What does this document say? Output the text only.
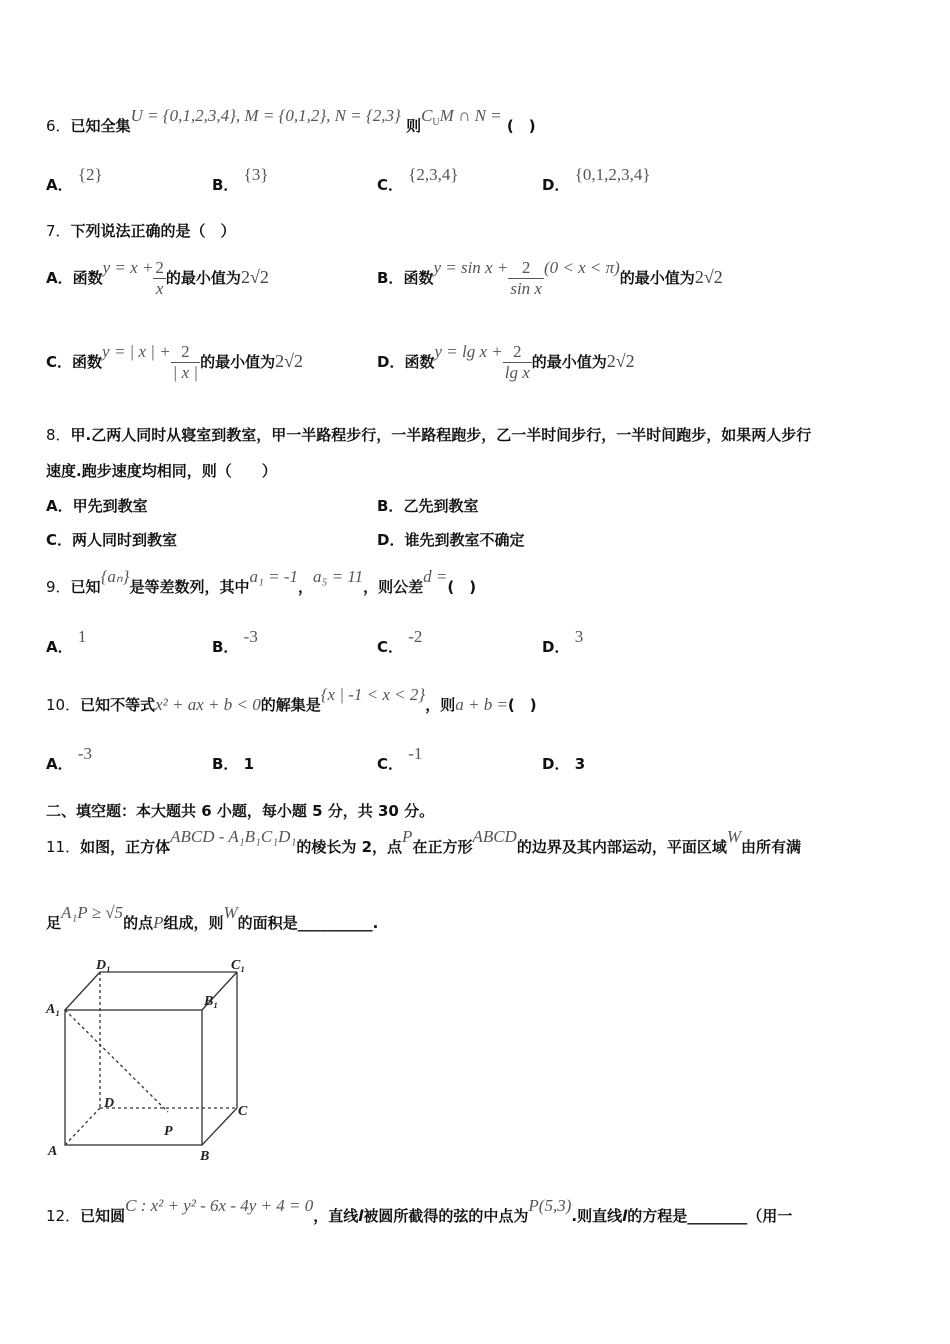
6．已知全集U = {0,1,2,3,4}, M = {0,1,2}, N = {2,3} 则$C_UM$ ∩ N = (　)
A． {2}
B． {3}
C． {2,3,4}
D． {0,1,2,3,4}
7．下列说法正确的是（　）
A．函数$y = x + \frac{2}{x}$ 的最小值为2√2	B．函数$y = \sin x + \frac{2}{\text{sin x}} (0 < x < \pi)$的最小值为2√2
C．函数y = | x | + $\frac{2}{| x |}$ 的最小值为2√2	D．函数$y = \lg x + \frac{2}{\text{lg x}}$ 的最小值为2√2
8．甲.乙两人同时从寝室到教室，甲一半路程步行，一半路程跑步，乙一半时间步行，一半时间跑步，如果两人步行
速度.跑步速度均相同，则（　　）
A．甲先到教室	B．乙先到教室
C．两人同时到教室	D．谁先到教室不确定
9．已知{aₙ}是等差数列，其中a₁ = -1，a₅ = 11，则公差d =(　)
A． 1
B． -3
C． -2
D． 3
10．已知不等式x² + ax + b < 0的解集是{x | -1 < x < 2}，则a + b =(　)
A． -3
B． 1	C． -1
D． 3
二、填空题：本大题共 6 小题，每小题 5 分，共 30 分。
11．如图，正方体ABCD - A₁B₁C₁D₁的棱长为 2，点P在正方形ABCD的边界及其内部运动，平面区域W由所有满
足A₁P ≥ √5的点P组成，则W的面积是__________.
A	B
C
D
A₁
B₁
C₁
D₁
P
12．已知圆C : x² + y² - 6x - 4y + 4 = 0，直线l被圆所截得的弦的中点为P(5,3).则直线l的方程是________（用一
